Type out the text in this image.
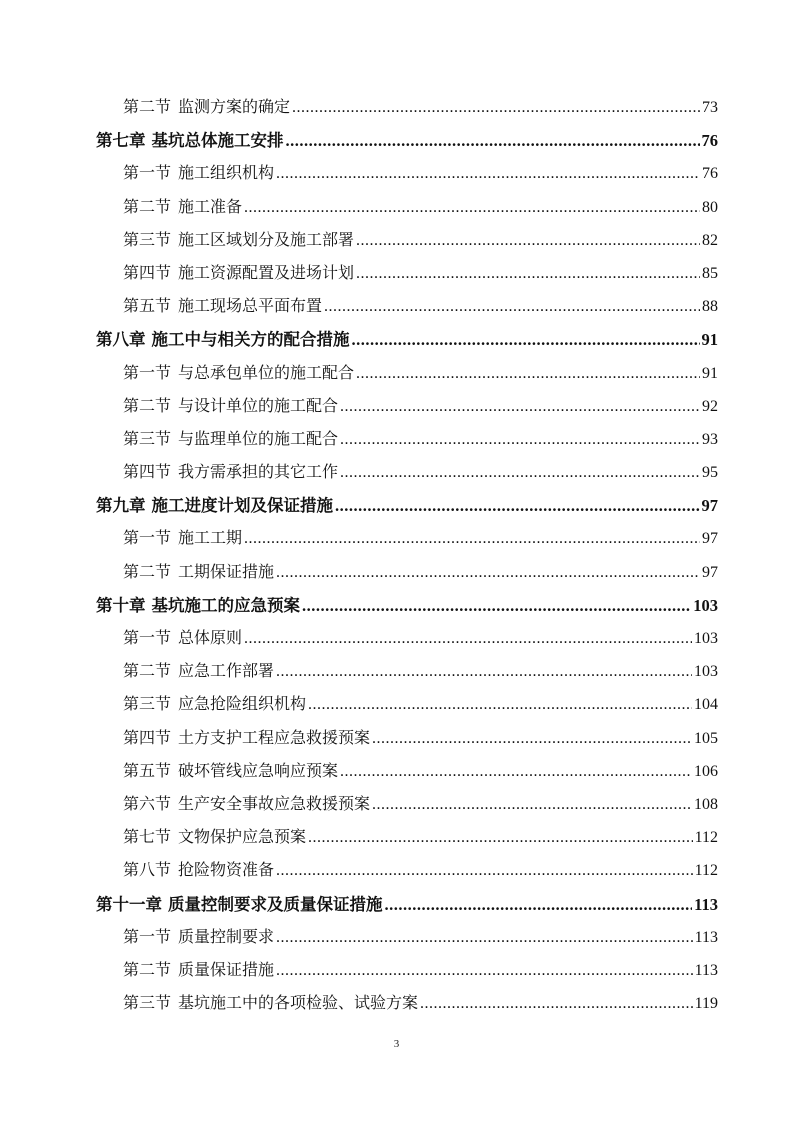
第二节 监测方案的确定 .....	73
第七章 基坑总体施工安排 .....	76
第一节 施工组织机构 .....	76
第二节 施工准备 .....	80
第三节 施工区域划分及施工部署 .....	82
第四节 施工资源配置及进场计划 .....	85
第五节 施工现场总平面布置 .....	88
第八章 施工中与相关方的配合措施 .....	91
第一节 与总承包单位的施工配合 .....	91
第二节 与设计单位的施工配合 .....	92
第三节 与监理单位的施工配合 .....	93
第四节 我方需承担的其它工作 .....	95
第九章 施工进度计划及保证措施 .....	97
第一节 施工工期 .....	97
第二节 工期保证措施 .....	97
第十章 基坑施工的应急预案 .....	103
第一节 总体原则 .....	103
第二节 应急工作部署 .....	103
第三节 应急抢险组织机构 .....	104
第四节 土方支护工程应急救援预案 .....	105
第五节 破坏管线应急响应预案 .....	106
第六节 生产安全事故应急救援预案 .....	108
第七节 文物保护应急预案 .....	112
第八节 抢险物资准备 .....	112
第十一章 质量控制要求及质量保证措施 .....	113
第一节 质量控制要求 .....	113
第二节 质量保证措施 .....	113
第三节 基坑施工中的各项检验、试验方案 .....	119
3
